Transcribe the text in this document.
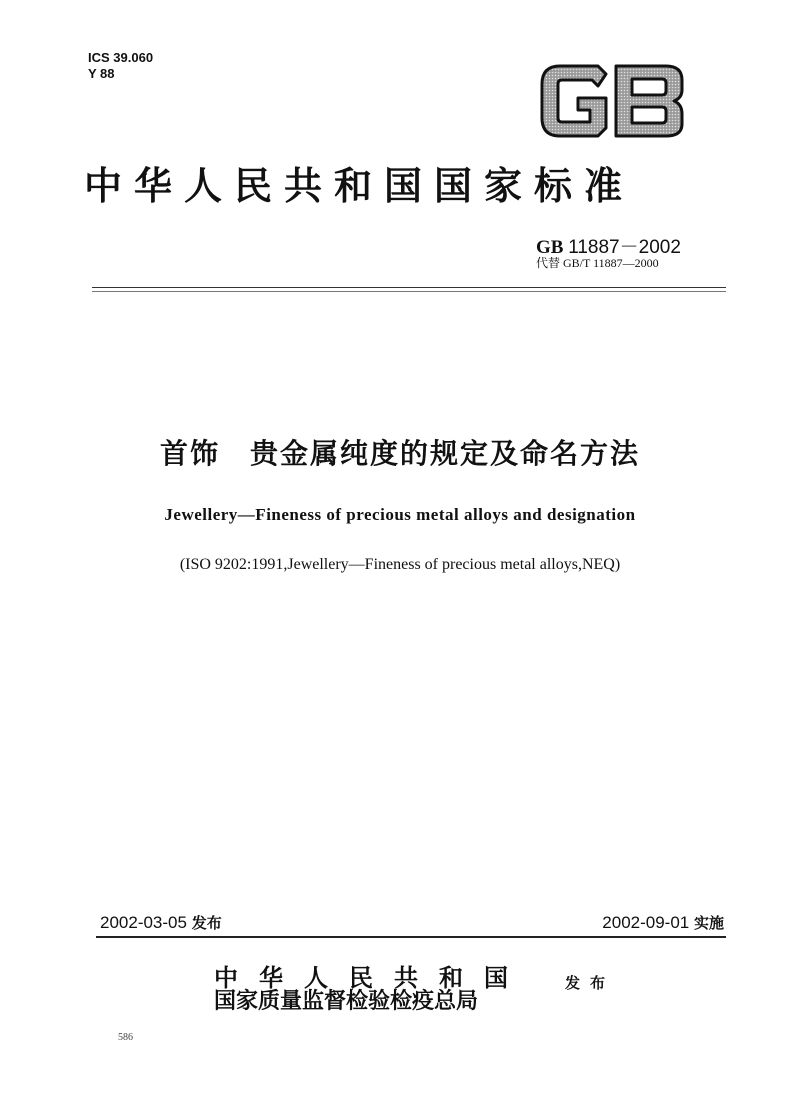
ICS 39.060
Y 88
中华人民共和国国家标准
GB 11887－2002
代替 GB/T 11887—2000
首饰　贵金属纯度的规定及命名方法
Jewellery—Fineness of precious metal alloys and designation
(ISO 9202:1991,Jewellery—Fineness of precious metal alloys,NEQ)
2002-03-05 发布	2002-09-01 实施
中华人民共和国
国家质量监督检验检疫总局
发布
586
